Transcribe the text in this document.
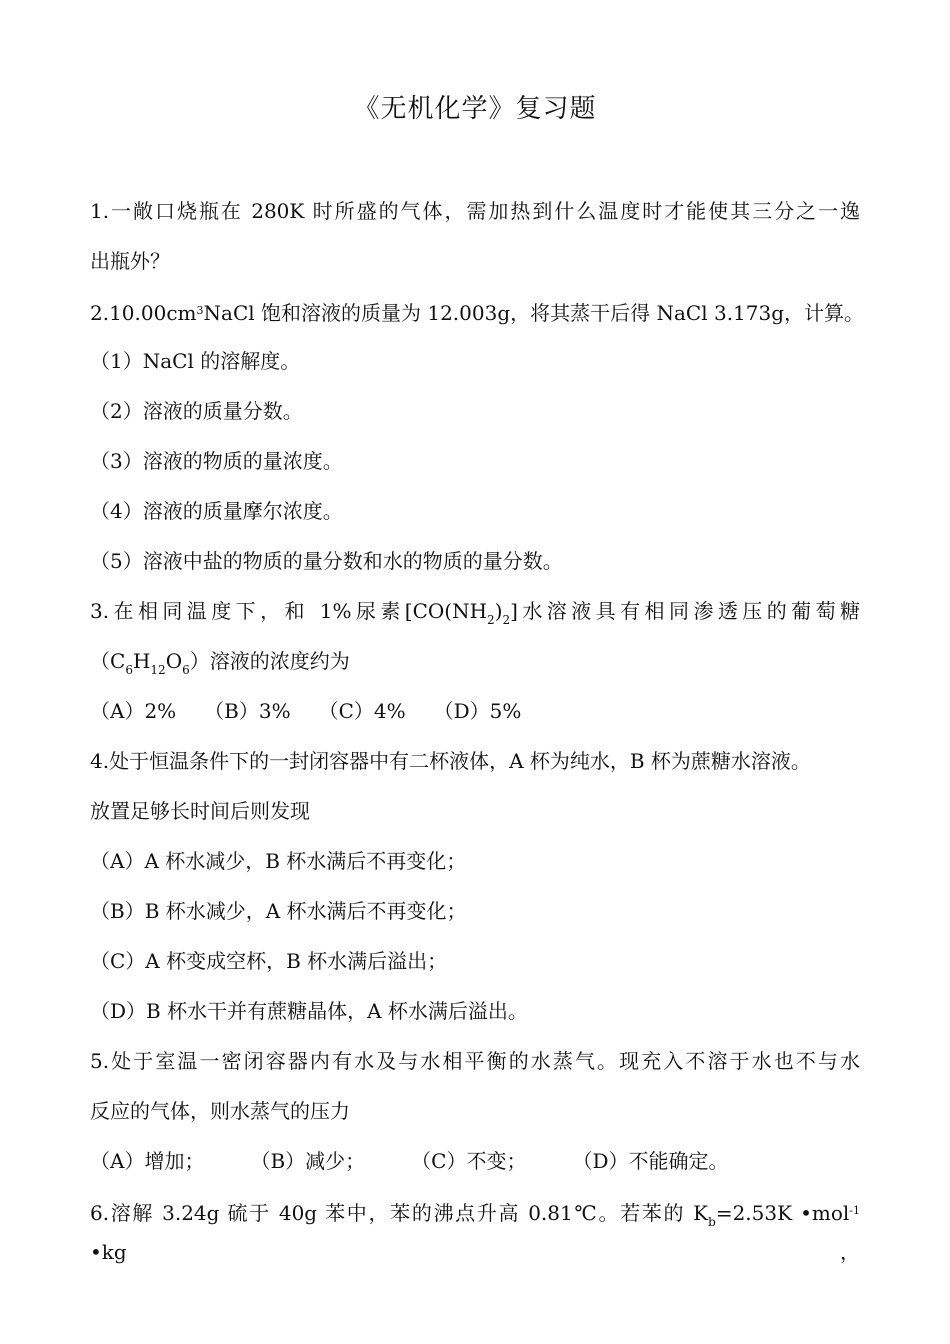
《无机化学》复习题
1.一敞口烧瓶在 280K 时所盛的气体，需加热到什么温度时才能使其三分之一逸
出瓶外？
$2.10.00cm^3NaCl$ 饱和溶液的质量为 12.003g，将其蒸干后得 NaCl 3.173g，计算。
（1）NaCl 的溶解度。
（2）溶液的质量分数。
（3）溶液的物质的量浓度。
（4）溶液的质量摩尔浓度。
（5）溶液中盐的物质的量分数和水的物质的量分数。
3.在相同温度下，和 1%尿素$[CO(NH_2)_2]$水溶液具有相同渗透压的葡萄糖
$(C_6H_{12}O_6)$溶液的浓度约为
（A）2% （B）3% （C）4% （D）5%
4.处于恒温条件下的一封闭容器中有二杯液体，A 杯为纯水，B 杯为蔗糖水溶液。
放置足够长时间后则发现
（A）A 杯水减少，B 杯水满后不再变化；
（B）B 杯水减少，A 杯水满后不再变化；
（C）A 杯变成空杯，B 杯水满后溢出；
（D）B 杯水干并有蔗糖晶体，A 杯水满后溢出。
5.处于室温一密闭容器内有水及与水相平衡的水蒸气。现充入不溶于水也不与水
反应的气体，则水蒸气的压力
（A）增加； （B）减少； （C）不变； （D）不能确定。
6.溶解 3.24g 硫于 40g 苯中，苯的沸点升高 0.81℃。若苯的 $K_b=2.53K$ •mol$^{-1}$ •kg，
